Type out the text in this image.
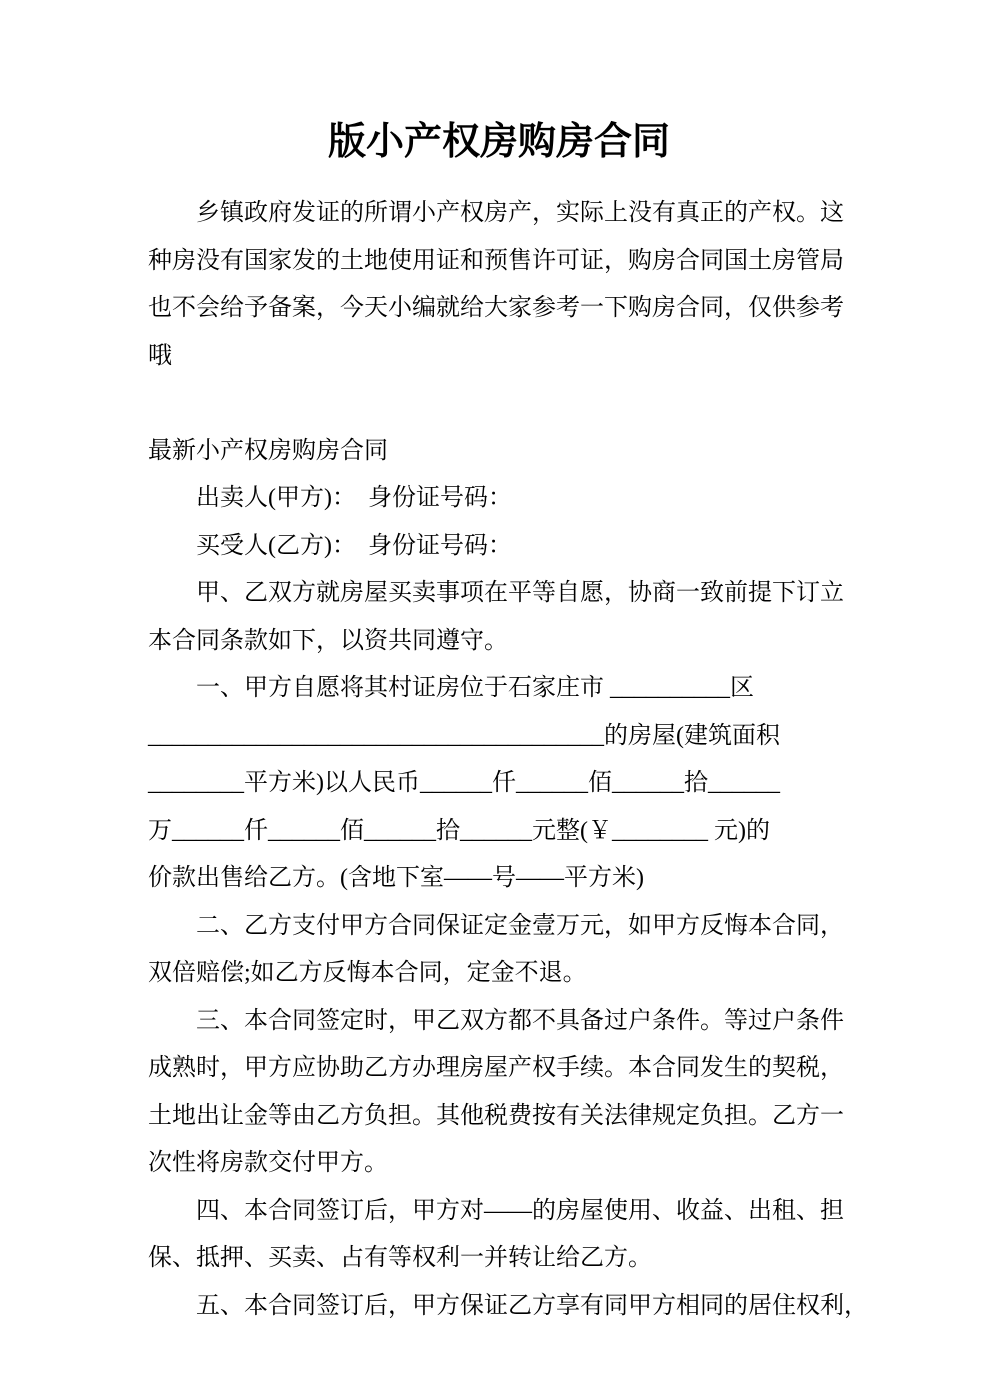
版小产权房购房合同
乡镇政府发证的所谓小产权房产，实际上没有真正的产权。这
种房没有国家发的土地使用证和预售许可证，购房合同国土房管局
也不会给予备案，今天小编就给大家参考一下购房合同，仅供参考
哦
最新小产权房购房合同
出卖人(甲方)：　身份证号码：
买受人(乙方)：　身份证号码：
甲、乙双方就房屋买卖事项在平等自愿，协商一致前提下订立
本合同条款如下，以资共同遵守。
一、甲方自愿将其村证房位于石家庄市 __________区
______________________________________的房屋(建筑面积
________平方米)以人民币______仟______佰______拾______
万______仟______佰______拾______元整(￥________ 元)的
价款出售给乙方。(含地下室——号——平方米)
二、乙方支付甲方合同保证定金壹万元，如甲方反悔本合同，
双倍赔偿;如乙方反悔本合同，定金不退。
三、本合同签定时，甲乙双方都不具备过户条件。等过户条件
成熟时，甲方应协助乙方办理房屋产权手续。本合同发生的契税，
土地出让金等由乙方负担。其他税费按有关法律规定负担。乙方一
次性将房款交付甲方。
四、本合同签订后，甲方对——的房屋使用、收益、出租、担
保、抵押、买卖、占有等权利一并转让给乙方。
五、本合同签订后，甲方保证乙方享有同甲方相同的居住权利，
